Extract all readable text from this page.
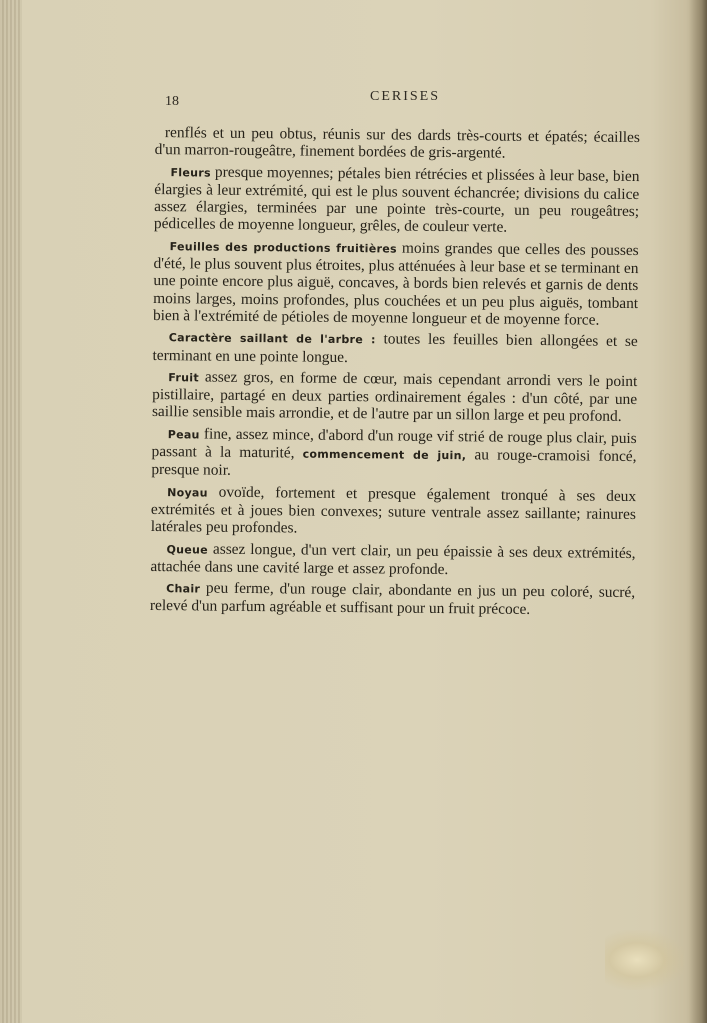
18	CERISES

renflés et un peu obtus, réunis sur des dards très-courts et épatés; écailles d'un marron-rougeâtre, finement bordées de gris-argenté.

Fleurs presque moyennes; pétales bien rétrécies et plissées à leur base, bien élargies à leur extrémité, qui est le plus souvent échancrée; divisions du calice assez élargies, terminées par une pointe très-courte, un peu rougeâtres; pédicelles de moyenne longueur, grêles, de couleur verte.

Feuilles des productions fruitières moins grandes que celles des pousses d'été, le plus souvent plus étroites, plus atténuées à leur base et se terminant en une pointe encore plus aiguë, concaves, à bords bien relevés et garnis de dents moins larges, moins profondes, plus couchées et un peu plus aiguës, tombant bien à l'extrémité de pétioles de moyenne longueur et de moyenne force.

Caractère saillant de l'arbre : toutes les feuilles bien allongées et se terminant en une pointe longue.

Fruit assez gros, en forme de cœur, mais cependant arrondi vers le point pistillaire, partagé en deux parties ordinairement égales : d'un côté, par une saillie sensible mais arrondie, et de l'autre par un sillon large et peu profond.

Peau fine, assez mince, d'abord d'un rouge vif strié de rouge plus clair, puis passant à la maturité, commencement de juin, au rouge-cramoisi foncé, presque noir.

Noyau ovoïde, fortement et presque également tronqué à ses deux extrémités et à joues bien convexes; suture ventrale assez saillante; rainures latérales peu profondes.

Queue assez longue, d'un vert clair, un peu épaissie à ses deux extrémités, attachée dans une cavité large et assez profonde.

Chair peu ferme, d'un rouge clair, abondante en jus un peu coloré, sucré, relevé d'un parfum agréable et suffisant pour un fruit précoce.
